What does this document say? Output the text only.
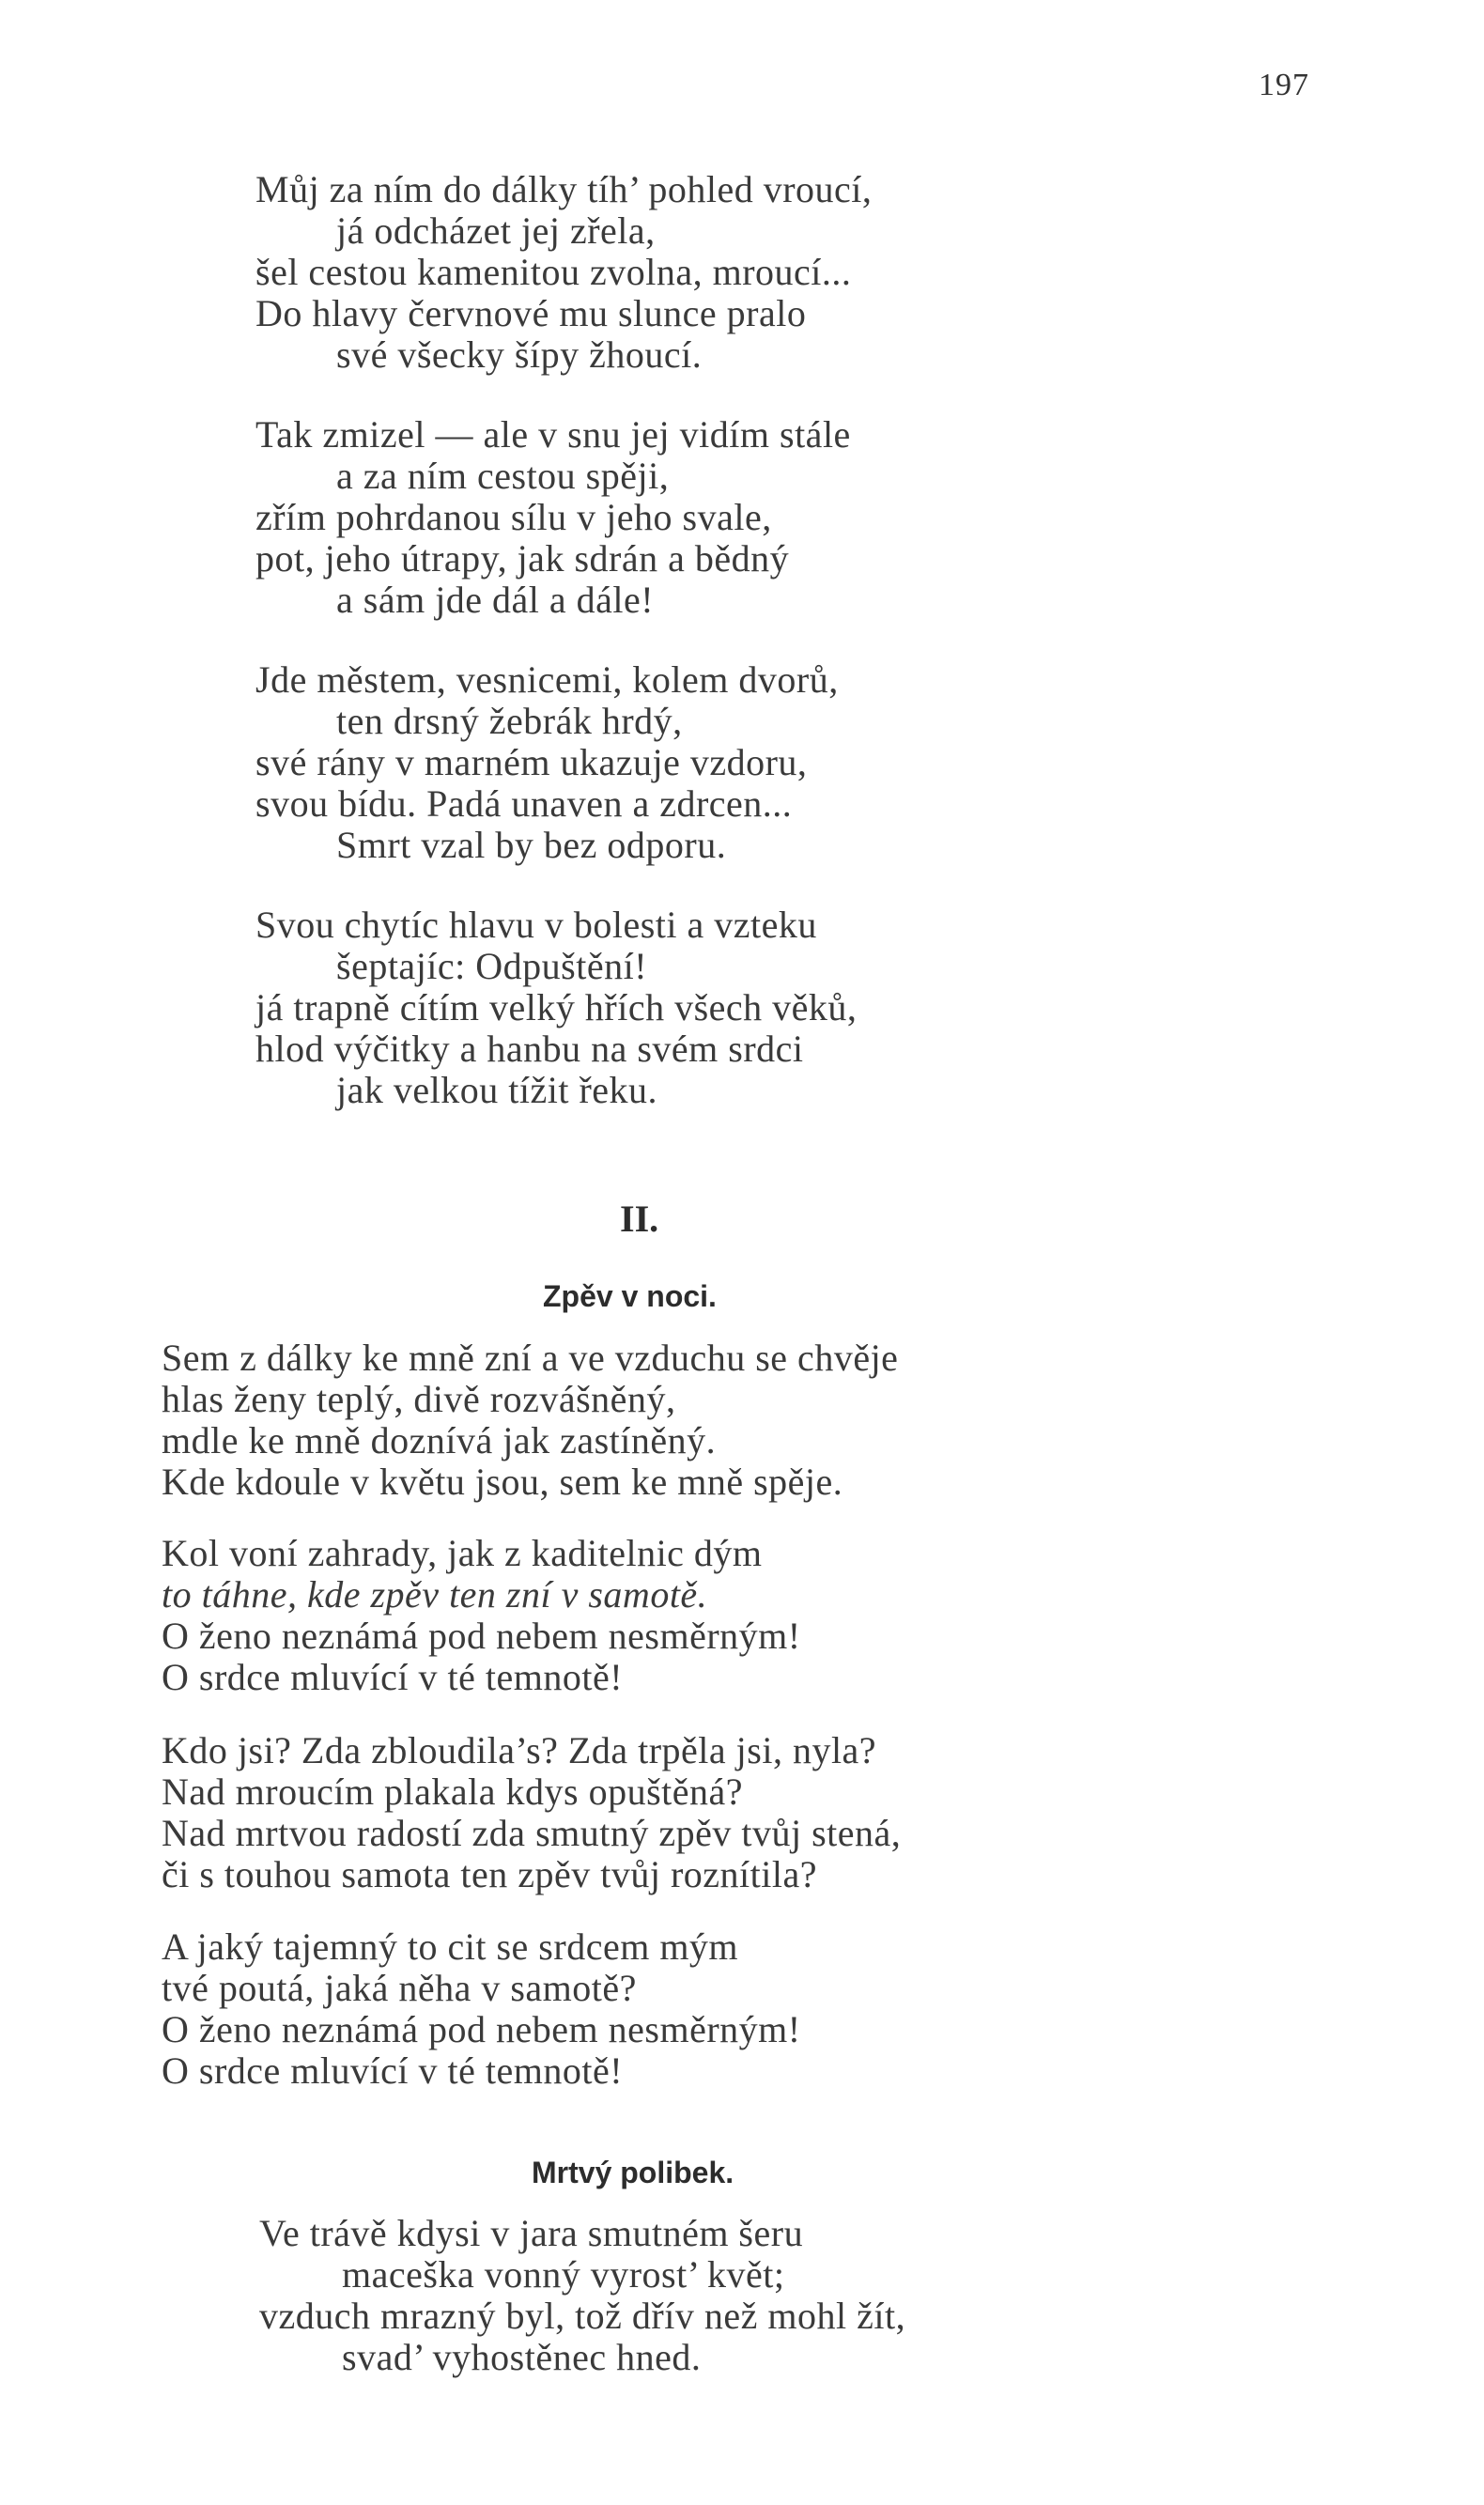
197
Můj za ním do dálky tíh’ pohled vroucí,
já odcházet jej zřela,
šel cestou kamenitou zvolna, mroucí...
Do hlavy červnové mu slunce pralo
své všecky šípy žhoucí.
Tak zmizel — ale v snu jej vidím stále
a za ním cestou spěji,
zřím pohrdanou sílu v jeho svale,
pot, jeho útrapy, jak sdrán a bědný
a sám jde dál a dále!
Jde městem, vesnicemi, kolem dvorů,
ten drsný žebrák hrdý,
své rány v marném ukazuje vzdoru,
svou bídu. Padá unaven a zdrcen...
Smrt vzal by bez odporu.
Svou chytíc hlavu v bolesti a vzteku
šeptajíc: Odpuštění!
já trapně cítím velký hřích všech věků,
hlod výčitky a hanbu na svém srdci
jak velkou tížit řeku.
II.
Zpěv v noci.
Sem z dálky ke mně zní a ve vzduchu se chvěje
hlas ženy teplý, divě rozvášněný,
mdle ke mně doznívá jak zastíněný.
Kde kdoule v květu jsou, sem ke mně spěje.
Kol voní zahrady, jak z kaditelnic dým
to táhne, kde zpěv ten zní v samotě.
O ženo neznámá pod nebem nesměrným!
O srdce mluvící v té temnotě!
Kdo jsi? Zda zbloudila’s? Zda trpěla jsi, nyla?
Nad mroucím plakala kdys opuštěná?
Nad mrtvou radostí zda smutný zpěv tvůj stená,
či s touhou samota ten zpěv tvůj roznítila?
A jaký tajemný to cit se srdcem mým
tvé poutá, jaká něha v samotě?
O ženo neznámá pod nebem nesměrným!
O srdce mluvící v té temnotě!
Mrtvý polibek.
Ve trávě kdysi v jara smutném šeru
maceška vonný vyrost’ květ;
vzduch mrazný byl, tož dřív než mohl žít,
svad’ vyhostěnec hned.
